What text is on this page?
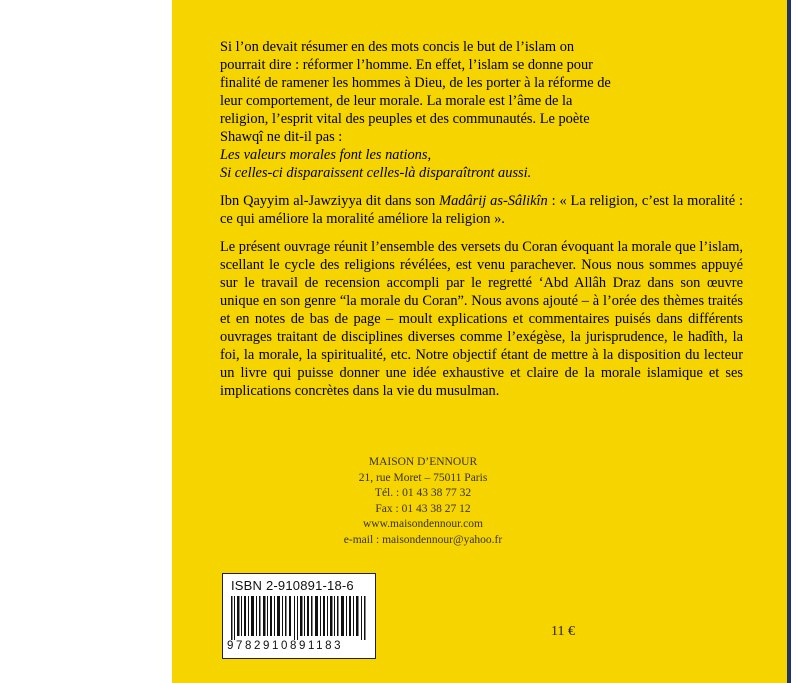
Si l’on devait résumer en des mots concis le but de l’islam on

pourrait dire : réformer l’homme. En effet, l’islam se donne pour

finalité de ramener les hommes à Dieu, de les porter à la réforme de

leur comportement, de leur morale. La morale est l’âme de la

religion, l’esprit vital des peuples et des communautés. Le poète

Shawqî ne dit-il pas :

Les valeurs morales font les nations,

Si celles-ci disparaissent celles-là disparaîtront aussi.

Ibn Qayyim al-Jawziyya dit dans son Madârij as-Sâlikîn : « La religion, c’est la moralité : ce qui améliore la moralité améliore la religion ».

Le présent ouvrage réunit l’ensemble des versets du Coran évoquant la morale que l’islam, scellant le cycle des religions révélées, est venu parachever. Nous nous sommes appuyé sur le travail de recension accompli par le regretté ‘Abd Allâh Draz dans son œuvre unique en son genre “la morale du Coran”. Nous avons ajouté – à l’orée des thèmes traités et en notes de bas de page – moult explications et commentaires puisés dans différents ouvrages traitant de disciplines diverses comme l’exégèse, la jurisprudence, le hadîth, la foi, la morale, la spiritualité, etc. Notre objectif étant de mettre à la disposition du lecteur un livre qui puisse donner une idée exhaustive et claire de la morale islamique et ses implications concrètes dans la vie du musulman.

MAISON D’ENNOUR
21, rue Moret – 75011 Paris
Tél. : 01 43 38 77 32
Fax : 01 43 38 27 12
www.maisondennour.com
e-mail : maisondennour@yahoo.fr
ISBN 2-910891-18-6
9782910891183
11 €
